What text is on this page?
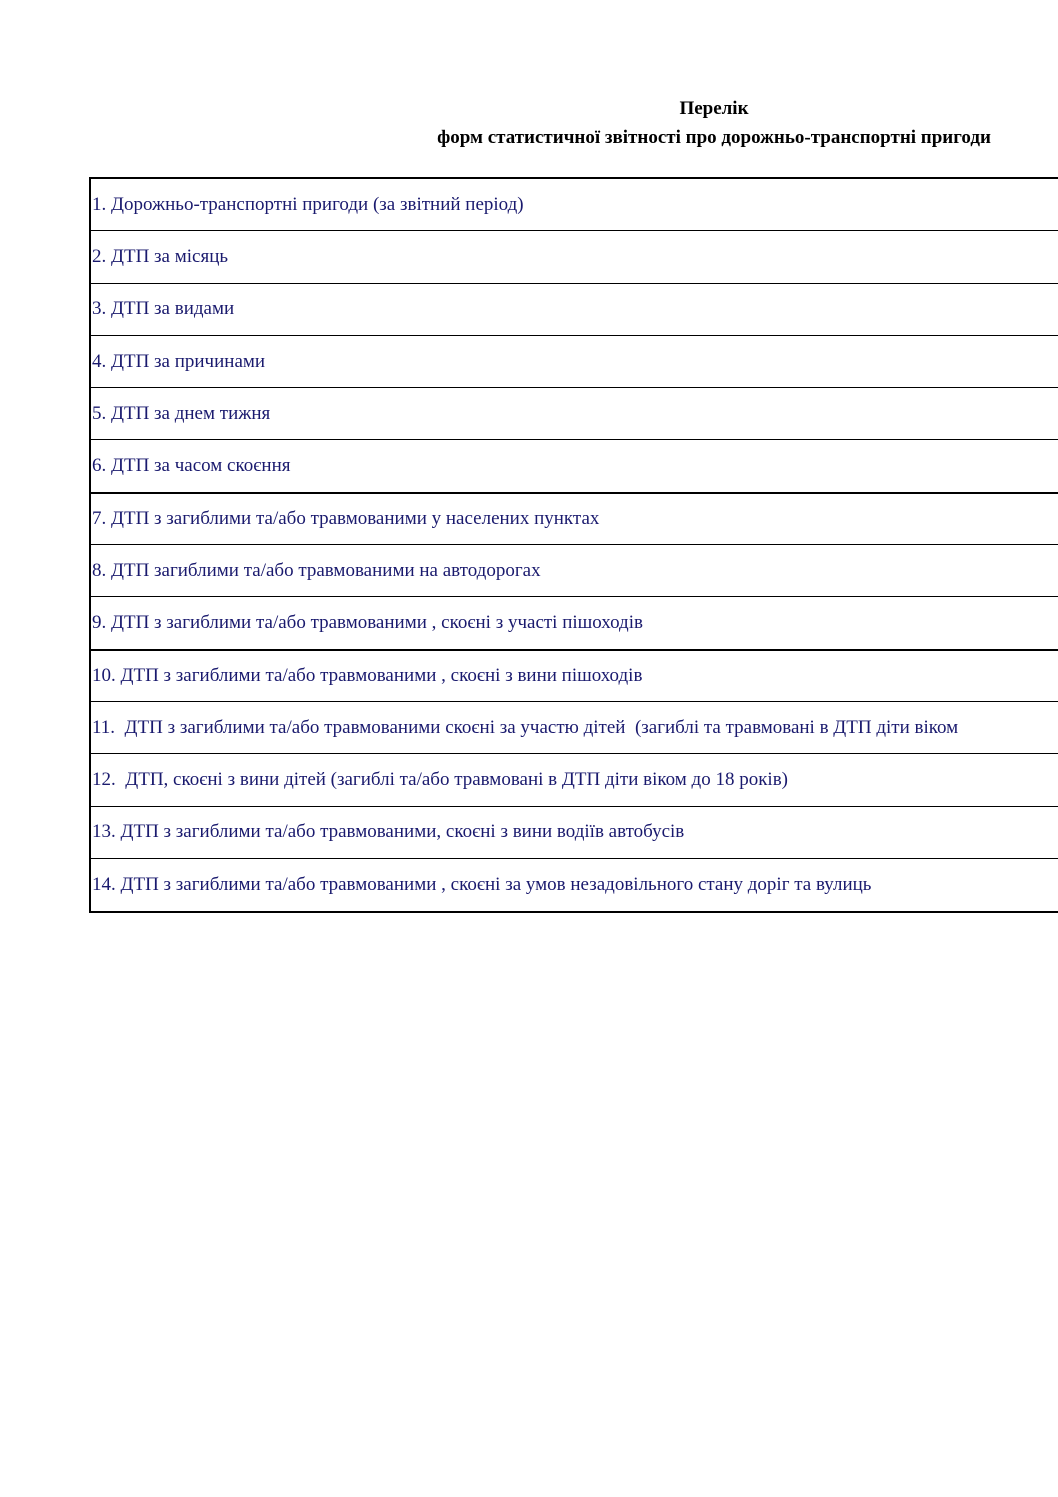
Перелік
форм статистичної звітності про дорожньо-транспортні пригоди
1. Дорожньо-транспортні пригоди (за звітний період)
2. ДТП за місяць
3. ДТП за видами
4. ДТП за причинами
5. ДТП за днем тижня
6. ДТП за часом скоєння
7. ДТП з загиблими та/або травмованими у населених пунктах
8. ДТП загиблими та/або травмованими на автодорогах
9. ДТП з загиблими та/або травмованими , скоєні з участі пішоходів
10. ДТП з загиблими та/або травмованими , скоєні з вини пішоходів
11.  ДТП з загиблими та/або травмованими скоєні за участю дітей  (загиблі та травмовані в ДТП діти віком
12.  ДТП, скоєні з вини дітей (загиблі та/або травмовані в ДТП діти віком до 18 років)
13. ДТП з загиблими та/або травмованими, скоєні з вини водіїв автобусів
14. ДТП з загиблими та/або травмованими , скоєні за умов незадовільного стану доріг та вулиць
